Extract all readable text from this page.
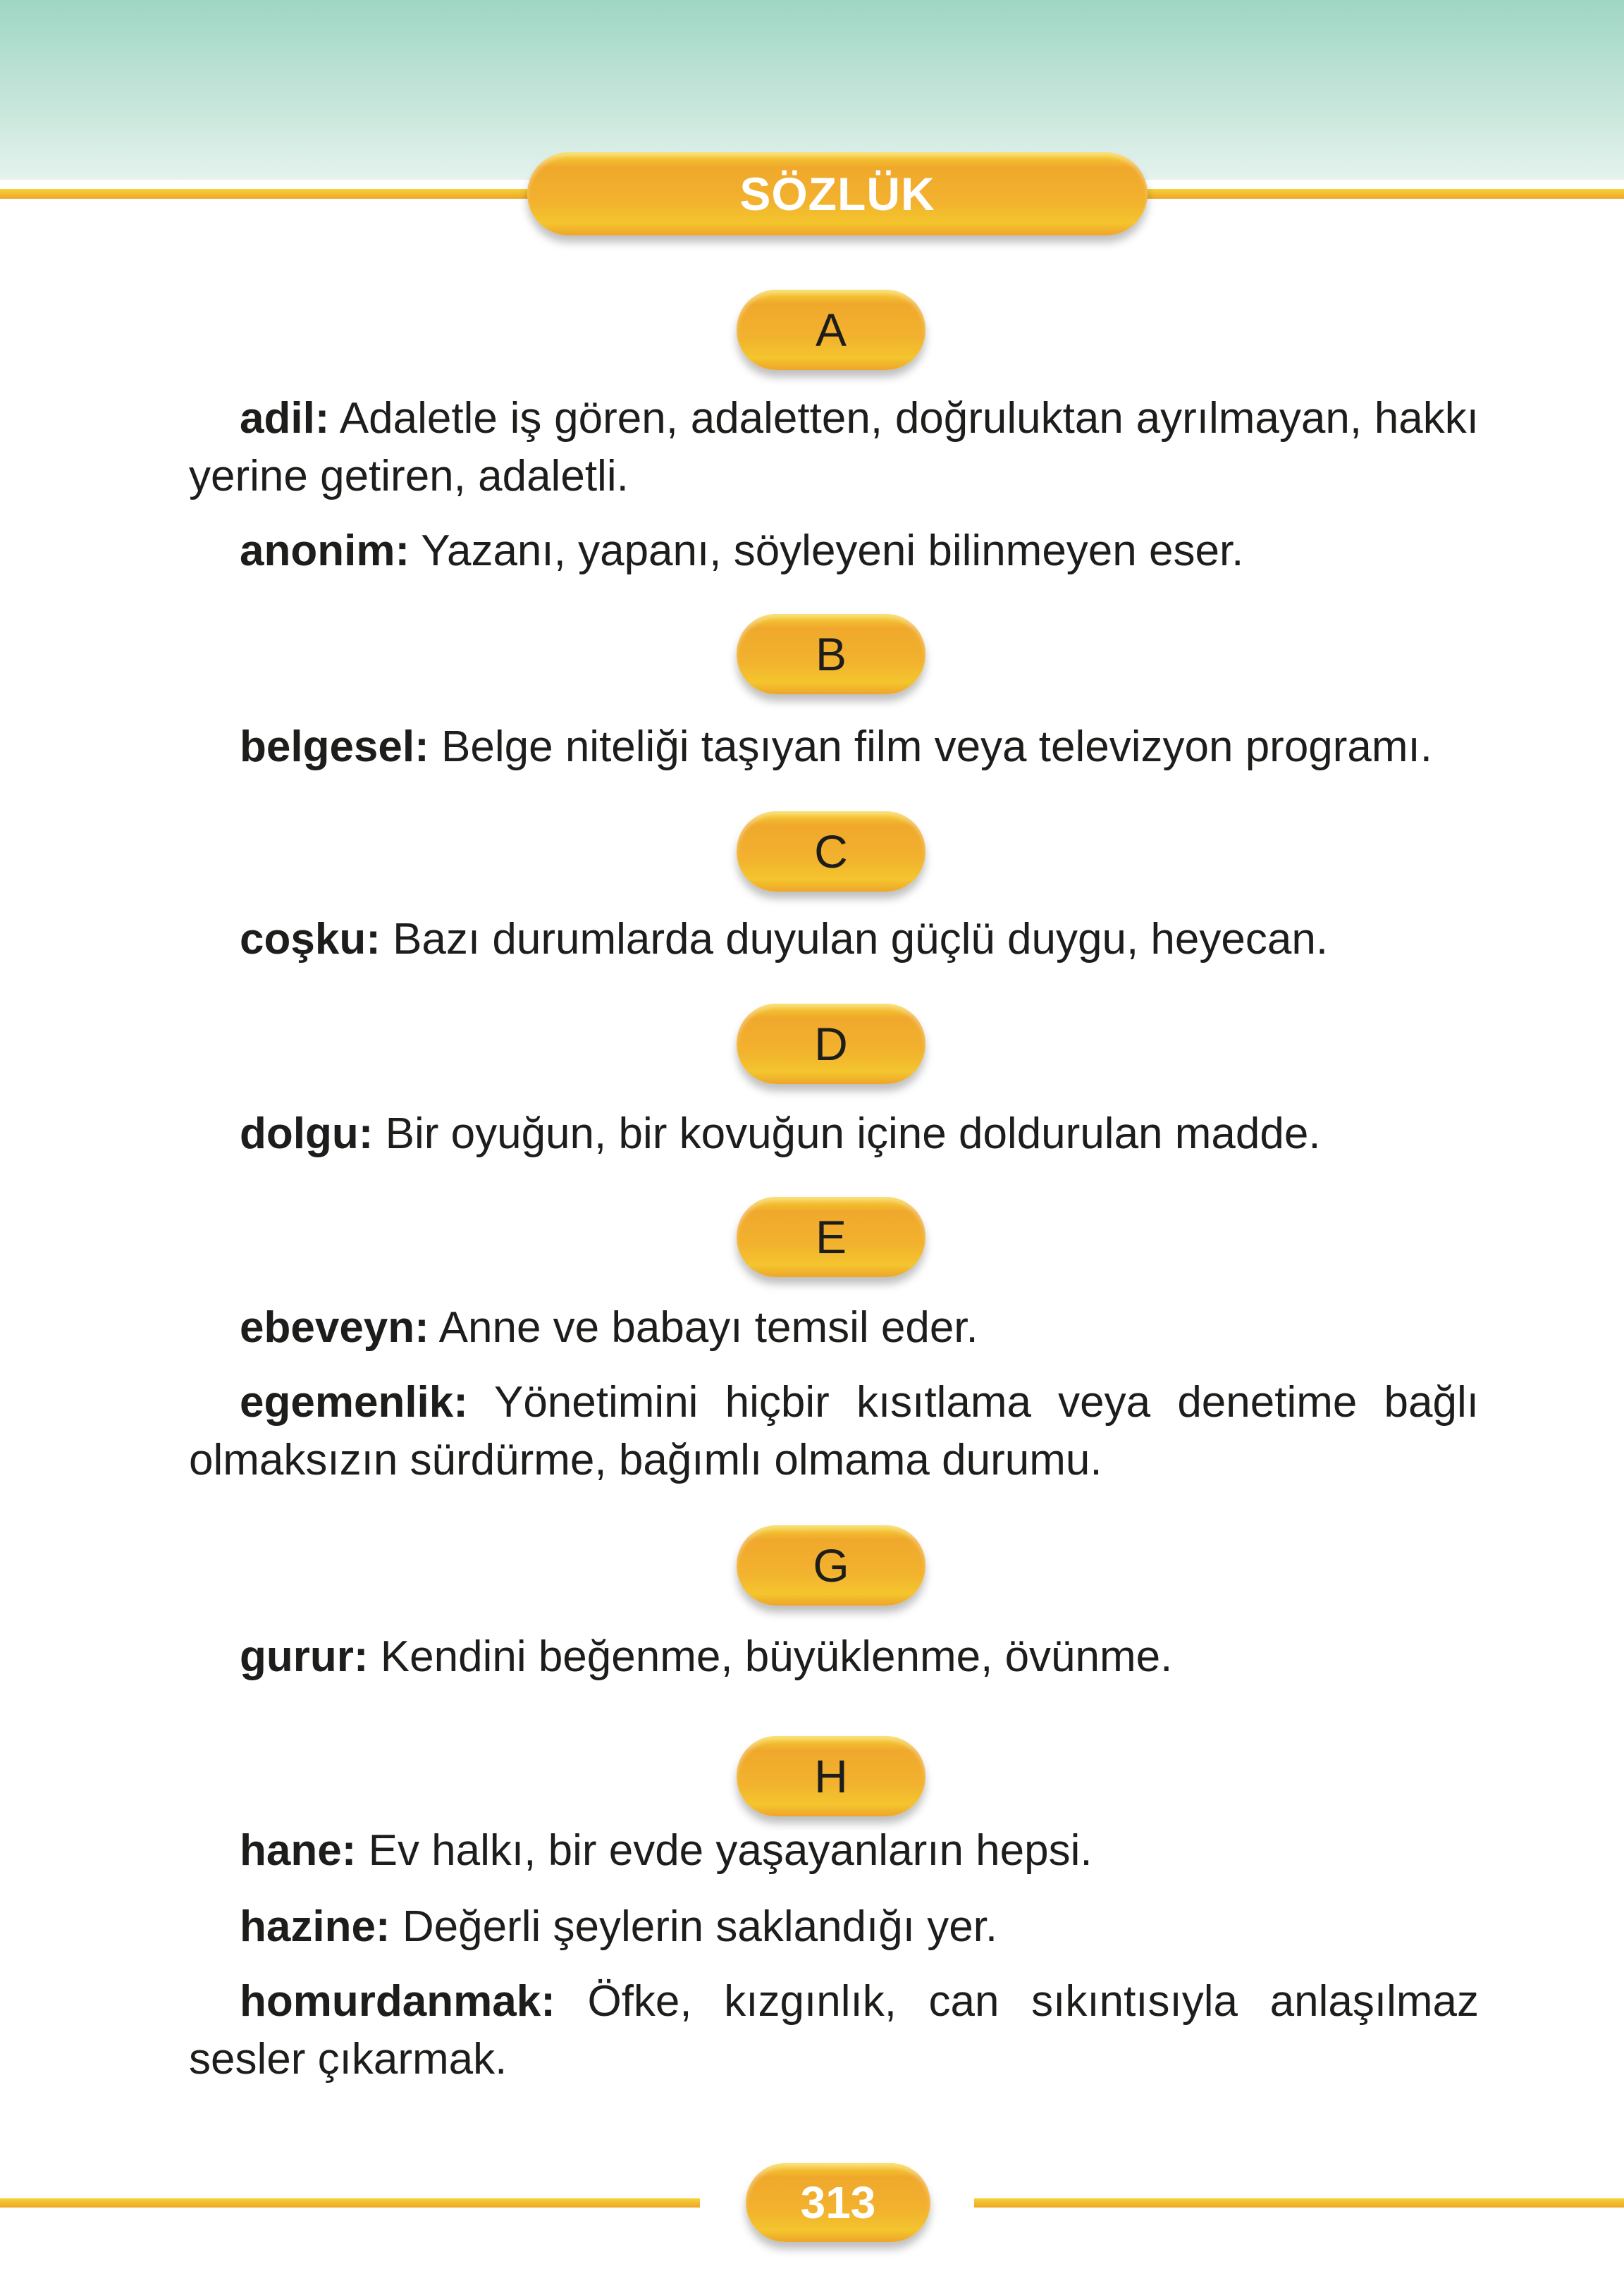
SÖZLÜK
A

adil: Adaletle iş gören, adaletten, doğruluktan ayrılmayan, hakkı yerine getiren, adaletli.

anonim: Yazanı, yapanı, söyleyeni bilinmeyen eser.

B

belgesel: Belge niteliği taşıyan film veya televizyon programı.

C

coşku: Bazı durumlarda duyulan güçlü duygu, heyecan.

D

dolgu: Bir oyuğun, bir kovuğun içine doldurulan madde.

E

ebeveyn: Anne ve babayı temsil eder.

egemenlik: Yönetimini hiçbir kısıtlama veya denetime bağlı olmaksızın sürdürme, bağımlı olmama durumu.

G

gurur: Kendini beğenme, büyüklenme, övünme.

H

hane: Ev halkı, bir evde yaşayanların hepsi.

hazine: Değerli şeylerin saklandığı yer.

homurdanmak: Öfke, kızgınlık, can sıkıntısıyla anlaşılmaz sesler çıkarmak.

313
